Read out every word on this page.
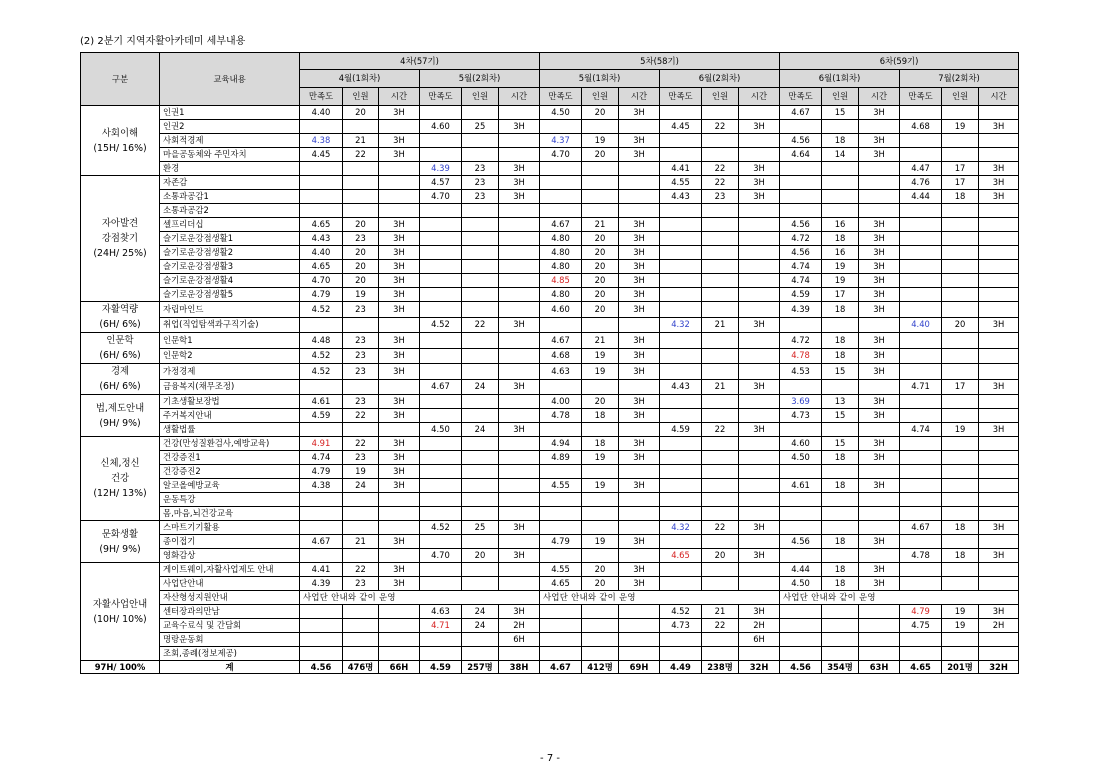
(2) 2분기 지역자활아카데미 세부내용
구분	교육내용	4차(57기)						5차(58기)						6차(59기)					
		4월(1회차)			5월(2회차)			5월(1회차)			6월(2회차)			6월(1회차)			7월(2회차)		
		만족도	인원	시간	만족도	인원	시간	만족도	인원	시간	만족도	인원	시간	만족도	인원	시간	만족도	인원	시간
사회이해
(15H/ 16%)	인권1	4.40	20	3H				4.50	20	3H				4.67	15	3H			
	인권2				4.60	25	3H				4.45	22	3H				4.68	19	3H
	사회적경제	4.38	21	3H				4.37	19	3H				4.56	18	3H			
	마을공동체와 주민자치	4.45	22	3H				4.70	20	3H				4.64	14	3H			
	환경				4.39	23	3H				4.41	22	3H				4.47	17	3H
자아발견
강점찾기
(24H/ 25%)	자존감				4.57	23	3H				4.55	22	3H				4.76	17	3H
	소통과공감1				4.70	23	3H				4.43	23	3H				4.44	18	3H
	소통과공감2																		
	셀프리더십	4.65	20	3H				4.67	21	3H				4.56	16	3H			
	슬기로운강점생활1	4.43	23	3H				4.80	20	3H				4.72	18	3H			
	슬기로운강점생활2	4.40	20	3H				4.80	20	3H				4.56	16	3H			
	슬기로운강점생활3	4.65	20	3H				4.80	20	3H				4.74	19	3H			
	슬기로운강점생활4	4.70	20	3H				4.85	20	3H				4.74	19	3H			
	슬기로운강점생활5	4.79	19	3H				4.80	20	3H				4.59	17	3H			
자활역량
(6H/ 6%)	자립마인드	4.52	23	3H				4.60	20	3H				4.39	18	3H			
	취업(직업탐색과구직기술)				4.52	22	3H				4.32	21	3H				4.40	20	3H
인문학
(6H/ 6%)	인문학1	4.48	23	3H				4.67	21	3H				4.72	18	3H			
	인문학2	4.52	23	3H				4.68	19	3H				4.78	18	3H			
경제
(6H/ 6%)	가정경제	4.52	23	3H				4.63	19	3H				4.53	15	3H			
	금융복지(채무조정)				4.67	24	3H				4.43	21	3H				4.71	17	3H
법,제도안내
(9H/ 9%)	기초생활보장법	4.61	23	3H				4.00	20	3H				3.69	13	3H			
	주거복지안내	4.59	22	3H				4.78	18	3H				4.73	15	3H			
	생활법률				4.50	24	3H				4.59	22	3H				4.74	19	3H
신체,정신
건강
(12H/ 13%)	건강(만성질환검사,예방교육)	4.91	22	3H				4.94	18	3H				4.60	15	3H			
	건강증진1	4.74	23	3H				4.89	19	3H				4.50	18	3H			
	건강증진2	4.79	19	3H															
	알코올예방교육	4.38	24	3H				4.55	19	3H				4.61	18	3H			
	운동특강																		
	몸,마음,뇌건강교육																		
문화생활
(9H/ 9%)	스마트기기활용				4.52	25	3H				4.32	22	3H				4.67	18	3H
	종이접기	4.67	21	3H				4.79	19	3H				4.56	18	3H			
	영화감상				4.70	20	3H				4.65	20	3H				4.78	18	3H
자활사업안내
(10H/ 10%)	게이트웨이,자활사업제도 안내	4.41	22	3H				4.55	20	3H				4.44	18	3H			
	사업단안내	4.39	23	3H				4.65	20	3H				4.50	18	3H			
	자산형성지원안내	사업단 안내와 같이 운영						사업단 안내와 같이 운영						사업단 안내와 같이 운영					
	센터장과의만남				4.63	24	3H				4.52	21	3H				4.79	19	3H
	교육수료식 및 간담회				4.71	24	2H				4.73	22	2H				4.75	19	2H
	명랑운동회						6H						6H						
	조회,종례(정보제공)																		
97H/ 100%	계	4.56	476명	66H	4.59	257명	38H	4.67	412명	69H	4.49	238명	32H	4.56	354명	63H	4.65	201명	32H
- 7 -
